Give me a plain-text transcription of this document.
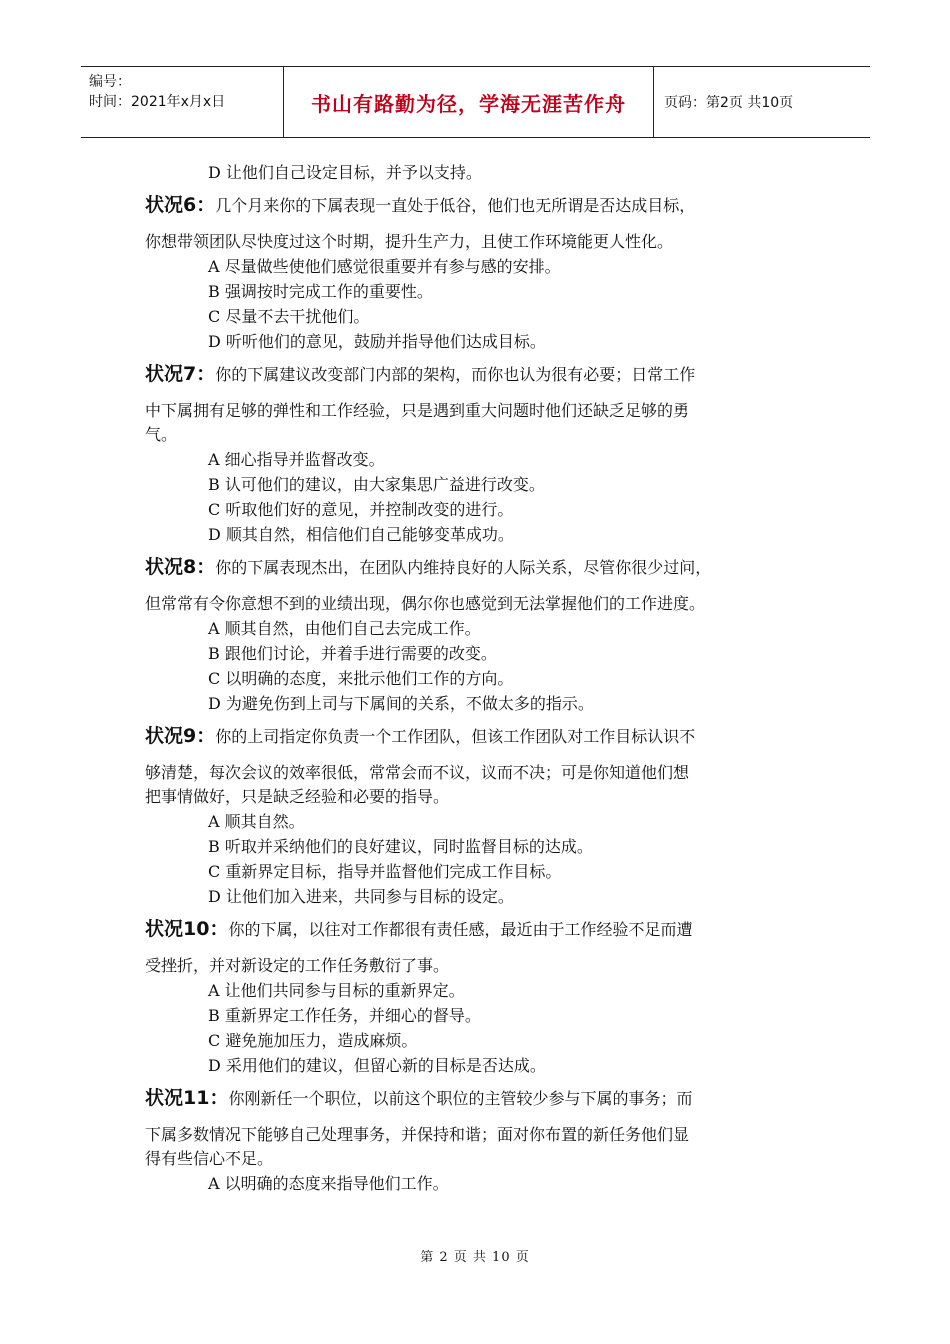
编号：
时间：2021年x月x日	书山有路勤为径，学海无涯苦作舟	页码：第2页 共10页
D 让他们自己设定目标，并予以支持。
状况6：几个月来你的下属表现一直处于低谷，他们也无所谓是否达成目标，
你想带领团队尽快度过这个时期，提升生产力，且使工作环境能更人性化。
A 尽量做些使他们感觉很重要并有参与感的安排。
B 强调按时完成工作的重要性。
C 尽量不去干扰他们。
D 听听他们的意见，鼓励并指导他们达成目标。
状况7：你的下属建议改变部门内部的架构，而你也认为很有必要；日常工作
中下属拥有足够的弹性和工作经验，只是遇到重大问题时他们还缺乏足够的勇
气。
A 细心指导并监督改变。
B 认可他们的建议，由大家集思广益进行改变。
C 听取他们好的意见，并控制改变的进行。
D 顺其自然，相信他们自己能够变革成功。
状况8：你的下属表现杰出，在团队内维持良好的人际关系，尽管你很少过问，
但常常有令你意想不到的业绩出现，偶尔你也感觉到无法掌握他们的工作进度。
A 顺其自然，由他们自己去完成工作。
B 跟他们讨论，并着手进行需要的改变。
C 以明确的态度，来批示他们工作的方向。
D 为避免伤到上司与下属间的关系，不做太多的指示。
状况9：你的上司指定你负责一个工作团队，但该工作团队对工作目标认识不
够清楚，每次会议的效率很低，常常会而不议，议而不决；可是你知道他们想
把事情做好，只是缺乏经验和必要的指导。
A 顺其自然。
B 听取并采纳他们的良好建议，同时监督目标的达成。
C 重新界定目标，指导并监督他们完成工作目标。
D 让他们加入进来，共同参与目标的设定。
状况10：你的下属，以往对工作都很有责任感，最近由于工作经验不足而遭
受挫折，并对新设定的工作任务敷衍了事。
A 让他们共同参与目标的重新界定。
B 重新界定工作任务，并细心的督导。
C 避免施加压力，造成麻烦。
D 采用他们的建议，但留心新的目标是否达成。
状况11：你刚新任一个职位，以前这个职位的主管较少参与下属的事务；而
下属多数情况下能够自己处理事务，并保持和谐；面对你布置的新任务他们显
得有些信心不足。
A 以明确的态度来指导他们工作。
第 2 页 共 10 页
